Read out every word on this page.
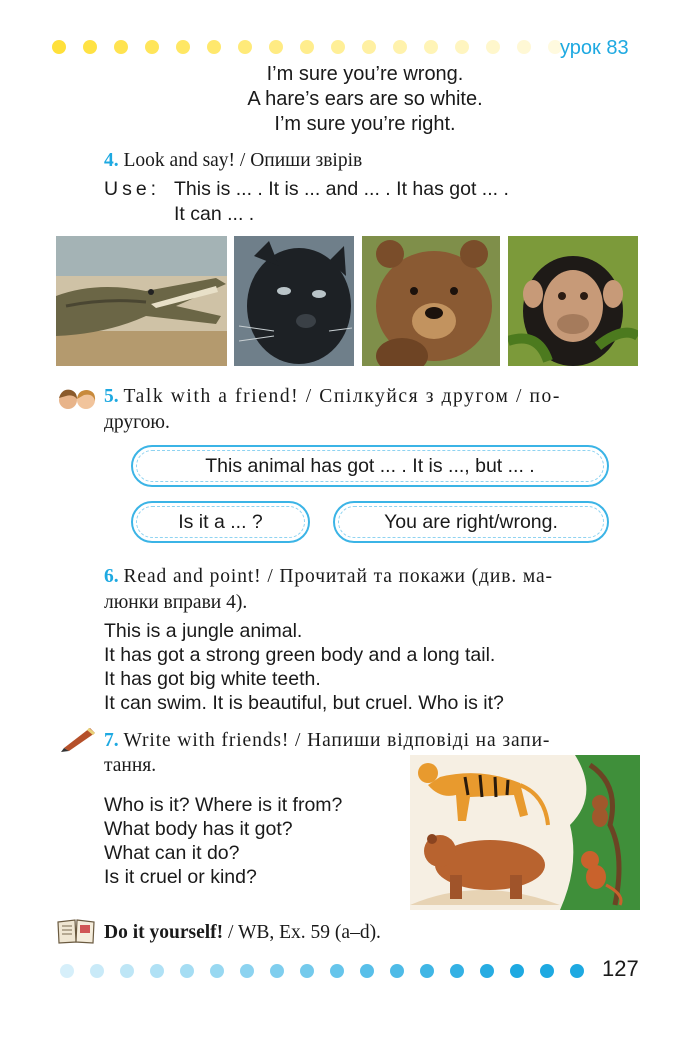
урок 83
I’m sure you’re wrong.
A hare’s ears are so white.
I’m sure you’re right.
4. Look and say! / Опиши звірів
Use: This is ... . It is ... and ... . It has got ... .
It can ... .
5. Talk with a friend! / Спілкуйся з другом / по-
другою.
This animal has got ... . It is ..., but ... .
Is it a ... ?	You are right/wrong.
6. Read and point! / Прочитай та покажи (див. ма-
люнки вправи 4).
This is a jungle animal.
It has got a strong green body and a long tail.
It has got big white teeth.
It can swim. It is beautiful, but cruel. Who is it?
7. Write with friends! / Напиши відповіді на запи-
тання.
Who is it? Where is it from?
What body has it got?
What can it do?
Is it cruel or kind?
Do it yourself! / WB, Ex. 59 (a–d).
127
